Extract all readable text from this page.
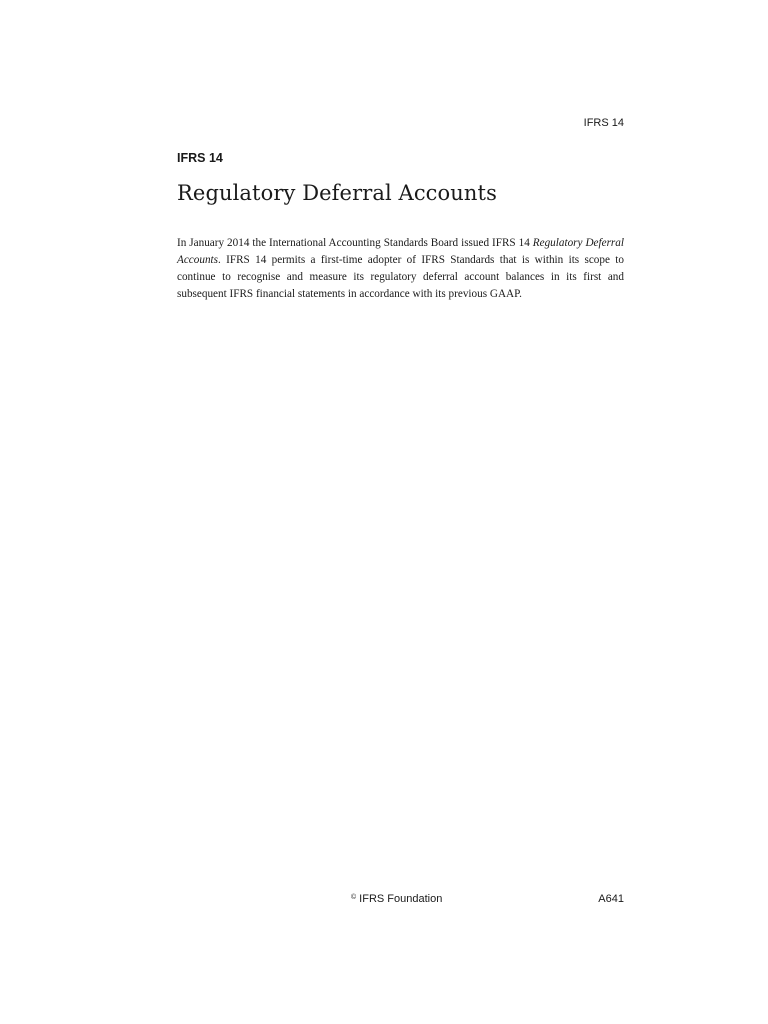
IFRS 14
IFRS 14
Regulatory Deferral Accounts

In January 2014 the International Accounting Standards Board issued IFRS 14 Regulatory Deferral Accounts. IFRS 14 permits a first-time adopter of IFRS Standards that is within its scope to continue to recognise and measure its regulatory deferral account balances in its first and subsequent IFRS financial statements in accordance with its previous GAAP.

© IFRS Foundation	A641
